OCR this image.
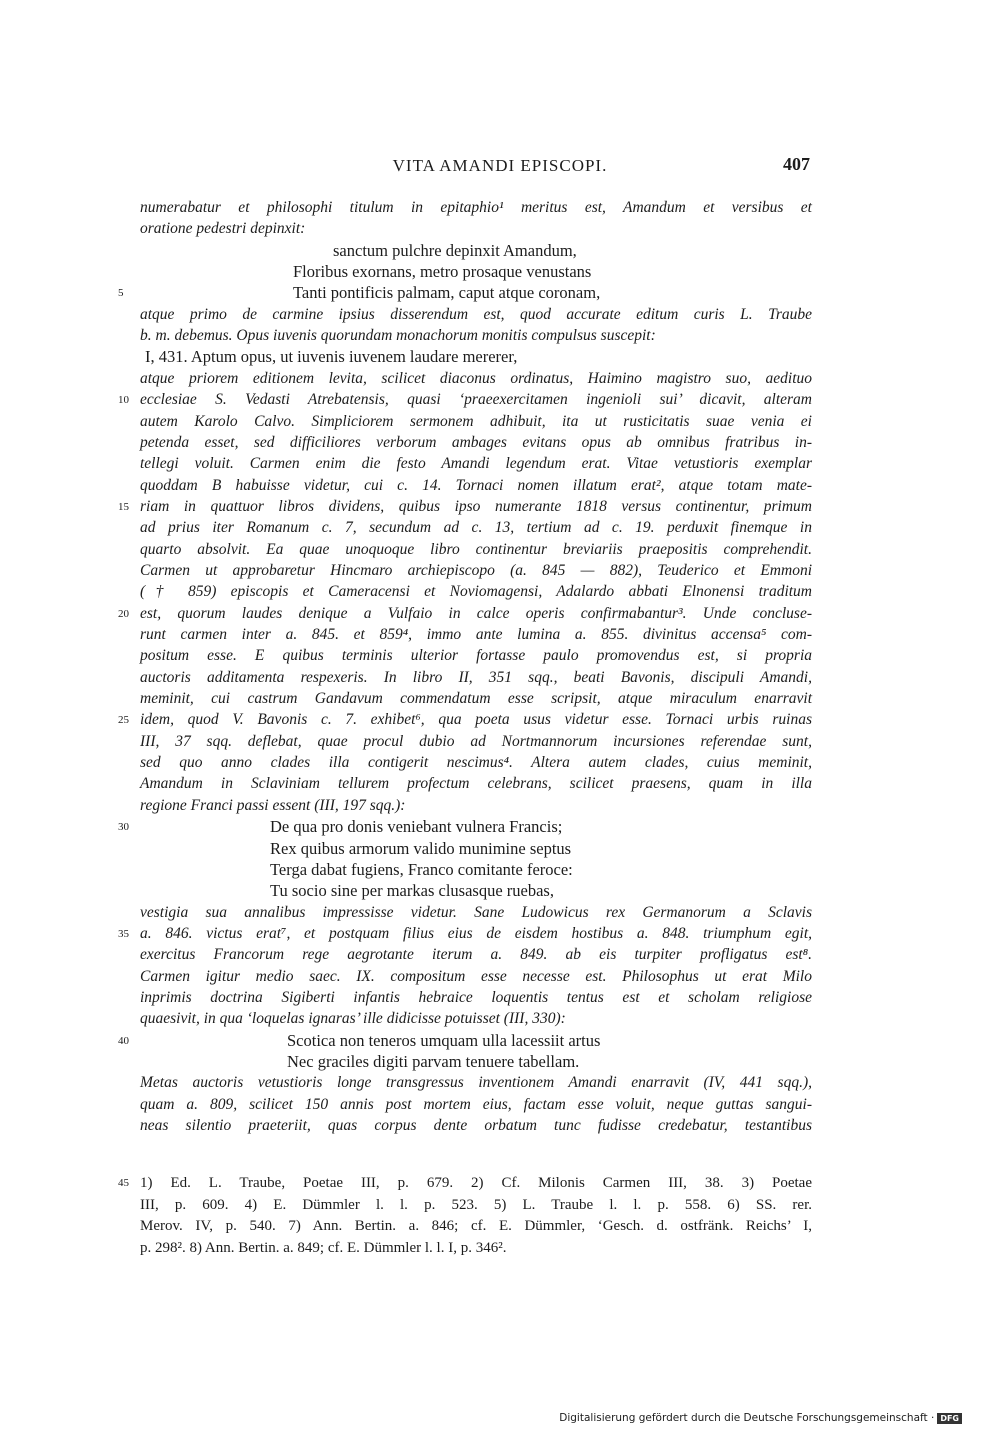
VITA AMANDI EPISCOPI.	407
numerabatur et philosophi titulum in epitaphio¹ meritus est, Amandum et versibus et
oratione pedestri depinxit:
sanctum pulchre depinxit Amandum,
Floribus exornans, metro prosaque venustans
Tanti pontificis palmam, caput atque coronam,
5
atque primo de carmine ipsius disserendum est, quod accurate editum curis L. Traube
b. m. debemus. Opus iuvenis quorundam monachorum monitis compulsus suscepit:
I, 431. Aptum opus, ut iuvenis iuvenem laudare mererer,
atque priorem editionem levita, scilicet diaconus ordinatus, Haimino magistro suo, aedituo
ecclesiae S. Vedasti Atrebatensis, quasi ‘praeexercitamen ingenioli sui’ dicavit, alteram
10
autem Karolo Calvo. Simpliciorem sermonem adhibuit, ita ut rusticitatis suae venia ei
petenda esset, sed difficiliores verborum ambages evitans opus ab omnibus fratribus in-
tellegi voluit. Carmen enim die festo Amandi legendum erat. Vitae vetustioris exemplar
quoddam B habuisse videtur, cui c. 14. Tornaci nomen illatum erat², atque totam mate-
riam in quattuor libros dividens, quibus ipso numerante 1818 versus continentur, primum
15
ad prius iter Romanum c. 7, secundum ad c. 13, tertium ad c. 19. perduxit finemque in
quarto absolvit. Ea quae unoquoque libro continentur breviariis praepositis comprehendit.
Carmen ut approbaretur Hincmaro archiepiscopo (a. 845 — 882), Teuderico et Emmoni
(† 859) episcopis et Cameracensi et Noviomagensi, Adalardo abbati Elnonensi traditum
est, quorum laudes denique a Vulfaio in calce operis confirmabantur³. Unde concluse-
20
runt carmen inter a. 845. et 859⁴, immo ante lumina a. 855. divinitus accensa⁵ com-
positum esse. E quibus terminis ulterior fortasse paulo promovendus est, si propria
auctoris additamenta respexeris. In libro II, 351 sqq., beati Bavonis, discipuli Amandi,
meminit, cui castrum Gandavum commendatum esse scripsit, atque miraculum enarravit
idem, quod V. Bavonis c. 7. exhibet⁶, qua poeta usus videtur esse. Tornaci urbis ruinas
25
III, 37 sqq. deflebat, quae procul dubio ad Nortmannorum incursiones referendae sunt,
sed quo anno clades illa contigerit nescimus⁴. Altera autem clades, cuius meminit,
Amandum in Sclaviniam tellurem profectum celebrans, scilicet praesens, quam in illa
regione Franci passi essent (III, 197 sqq.):
De qua pro donis veniebant vulnera Francis;
30
Rex quibus armorum valido munimine septus
Terga dabat fugiens, Franco comitante feroce:
Tu socio sine per markas clusasque ruebas,
vestigia sua annalibus impressisse videtur. Sane Ludowicus rex Germanorum a Sclavis
a. 846. victus erat⁷, et postquam filius eius de eisdem hostibus a. 848. triumphum egit,
35
exercitus Francorum rege aegrotante iterum a. 849. ab eis turpiter profligatus est⁸.
Carmen igitur medio saec. IX. compositum esse necesse est. Philosophus ut erat Milo
inprimis doctrina Sigiberti infantis hebraice loquentis tentus est et scholam religiose
quaesivit, in qua ‘loquelas ignaras’ ille didicisse potuisset (III, 330):
Scotica non teneros umquam ulla lacessiit artus
40
Nec graciles digiti parvam tenuere tabellam.
Metas auctoris vetustioris longe transgressus inventionem Amandi enarravit (IV, 441 sqq.),
quam a. 809, scilicet 150 annis post mortem eius, factam esse voluit, neque guttas sangui-
neas silentio praeteriit, quas corpus dente orbatum tunc fudisse credebatur, testantibus
1) Ed. L. Traube, Poetae III, p. 679. 2) Cf. Milonis Carmen III, 38. 3) Poetae
45
III, p. 609. 4) E. Dümmler l. l. p. 523. 5) L. Traube l. l. p. 558. 6) SS. rer.
Merov. IV, p. 540. 7) Ann. Bertin. a. 846; cf. E. Dümmler, ‘Gesch. d. ostfränk. Reichs’ I,
p. 298². 8) Ann. Bertin. a. 849; cf. E. Dümmler l. l. I, p. 346².
Digitalisierung gefördert durch die Deutsche Forschungsgemeinschaft · DFG
